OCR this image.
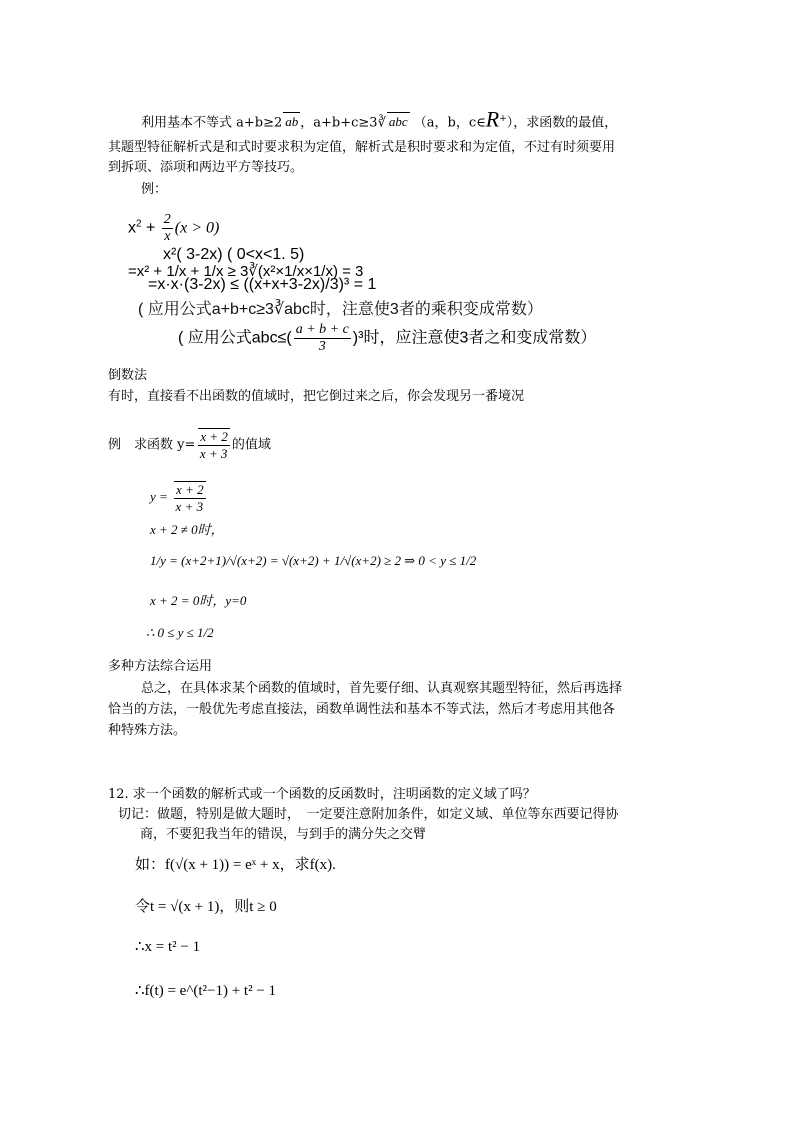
利用基本不等式 a+b≥2 ab ，a+b+c≥3∛ abc （a，b，c∈R+），求函数的最值，
其题型特征解析式是和式时要求积为定值，解析式是积时要求和为定值，不过有时须要用
到拆项、添项和两边平方等技巧。
例：
$x^2 + \frac{2}{x} (x > 0)$
x²( 3-2x) ( 0<x<1. 5)
=x² + 1/x + 1/x ≥ 3∛(x²×1/x×1/x) = 3
=x·x·(3-2x) ≤ ((x+x+3-2x)/3)³ = 1
( 应用公式a+b+c≥3∛abc时，注意使3者的乘积变成常数）
( 应用公式$abc\le( \frac{a + b + c}{3} )^3$时，应注意使3者之和变成常数）
倒数法
有时，直接看不出函数的值域时，把它倒过来之后，你会发现另一番境况
例　求函数 $y= \frac{x + 2}{x + 3}$ 的值域
$y = \frac{x + 2}{x + 3}$
x + 2 ≠ 0时，
1/y = (x+2+1)/√(x+2) = √(x+2) + 1/√(x+2) ≥ 2 ⇒ 0 < y ≤ 1/2
x + 2 = 0时，y=0
∴ 0 ≤ y ≤ 1/2
多种方法综合运用
总之，在具体求某个函数的值域时，首先要仔细、认真观察其题型特征，然后再选择
恰当的方法，一般优先考虑直接法，函数单调性法和基本不等式法，然后才考虑用其他各
种特殊方法。
12. 求一个函数的解析式或一个函数的反函数时，注明函数的定义域了吗？
切记：做题，特别是做大题时，　一定要注意附加条件，如定义域、单位等东西要记得协
商，不要犯我当年的错误，与到手的满分失之交臂
如：f(√(x + 1)) = eˣ + x，求f(x).
令t = √(x + 1)，则t ≥ 0
∴x = t² − 1
∴f(t) = e^(t²−1) + t² − 1
